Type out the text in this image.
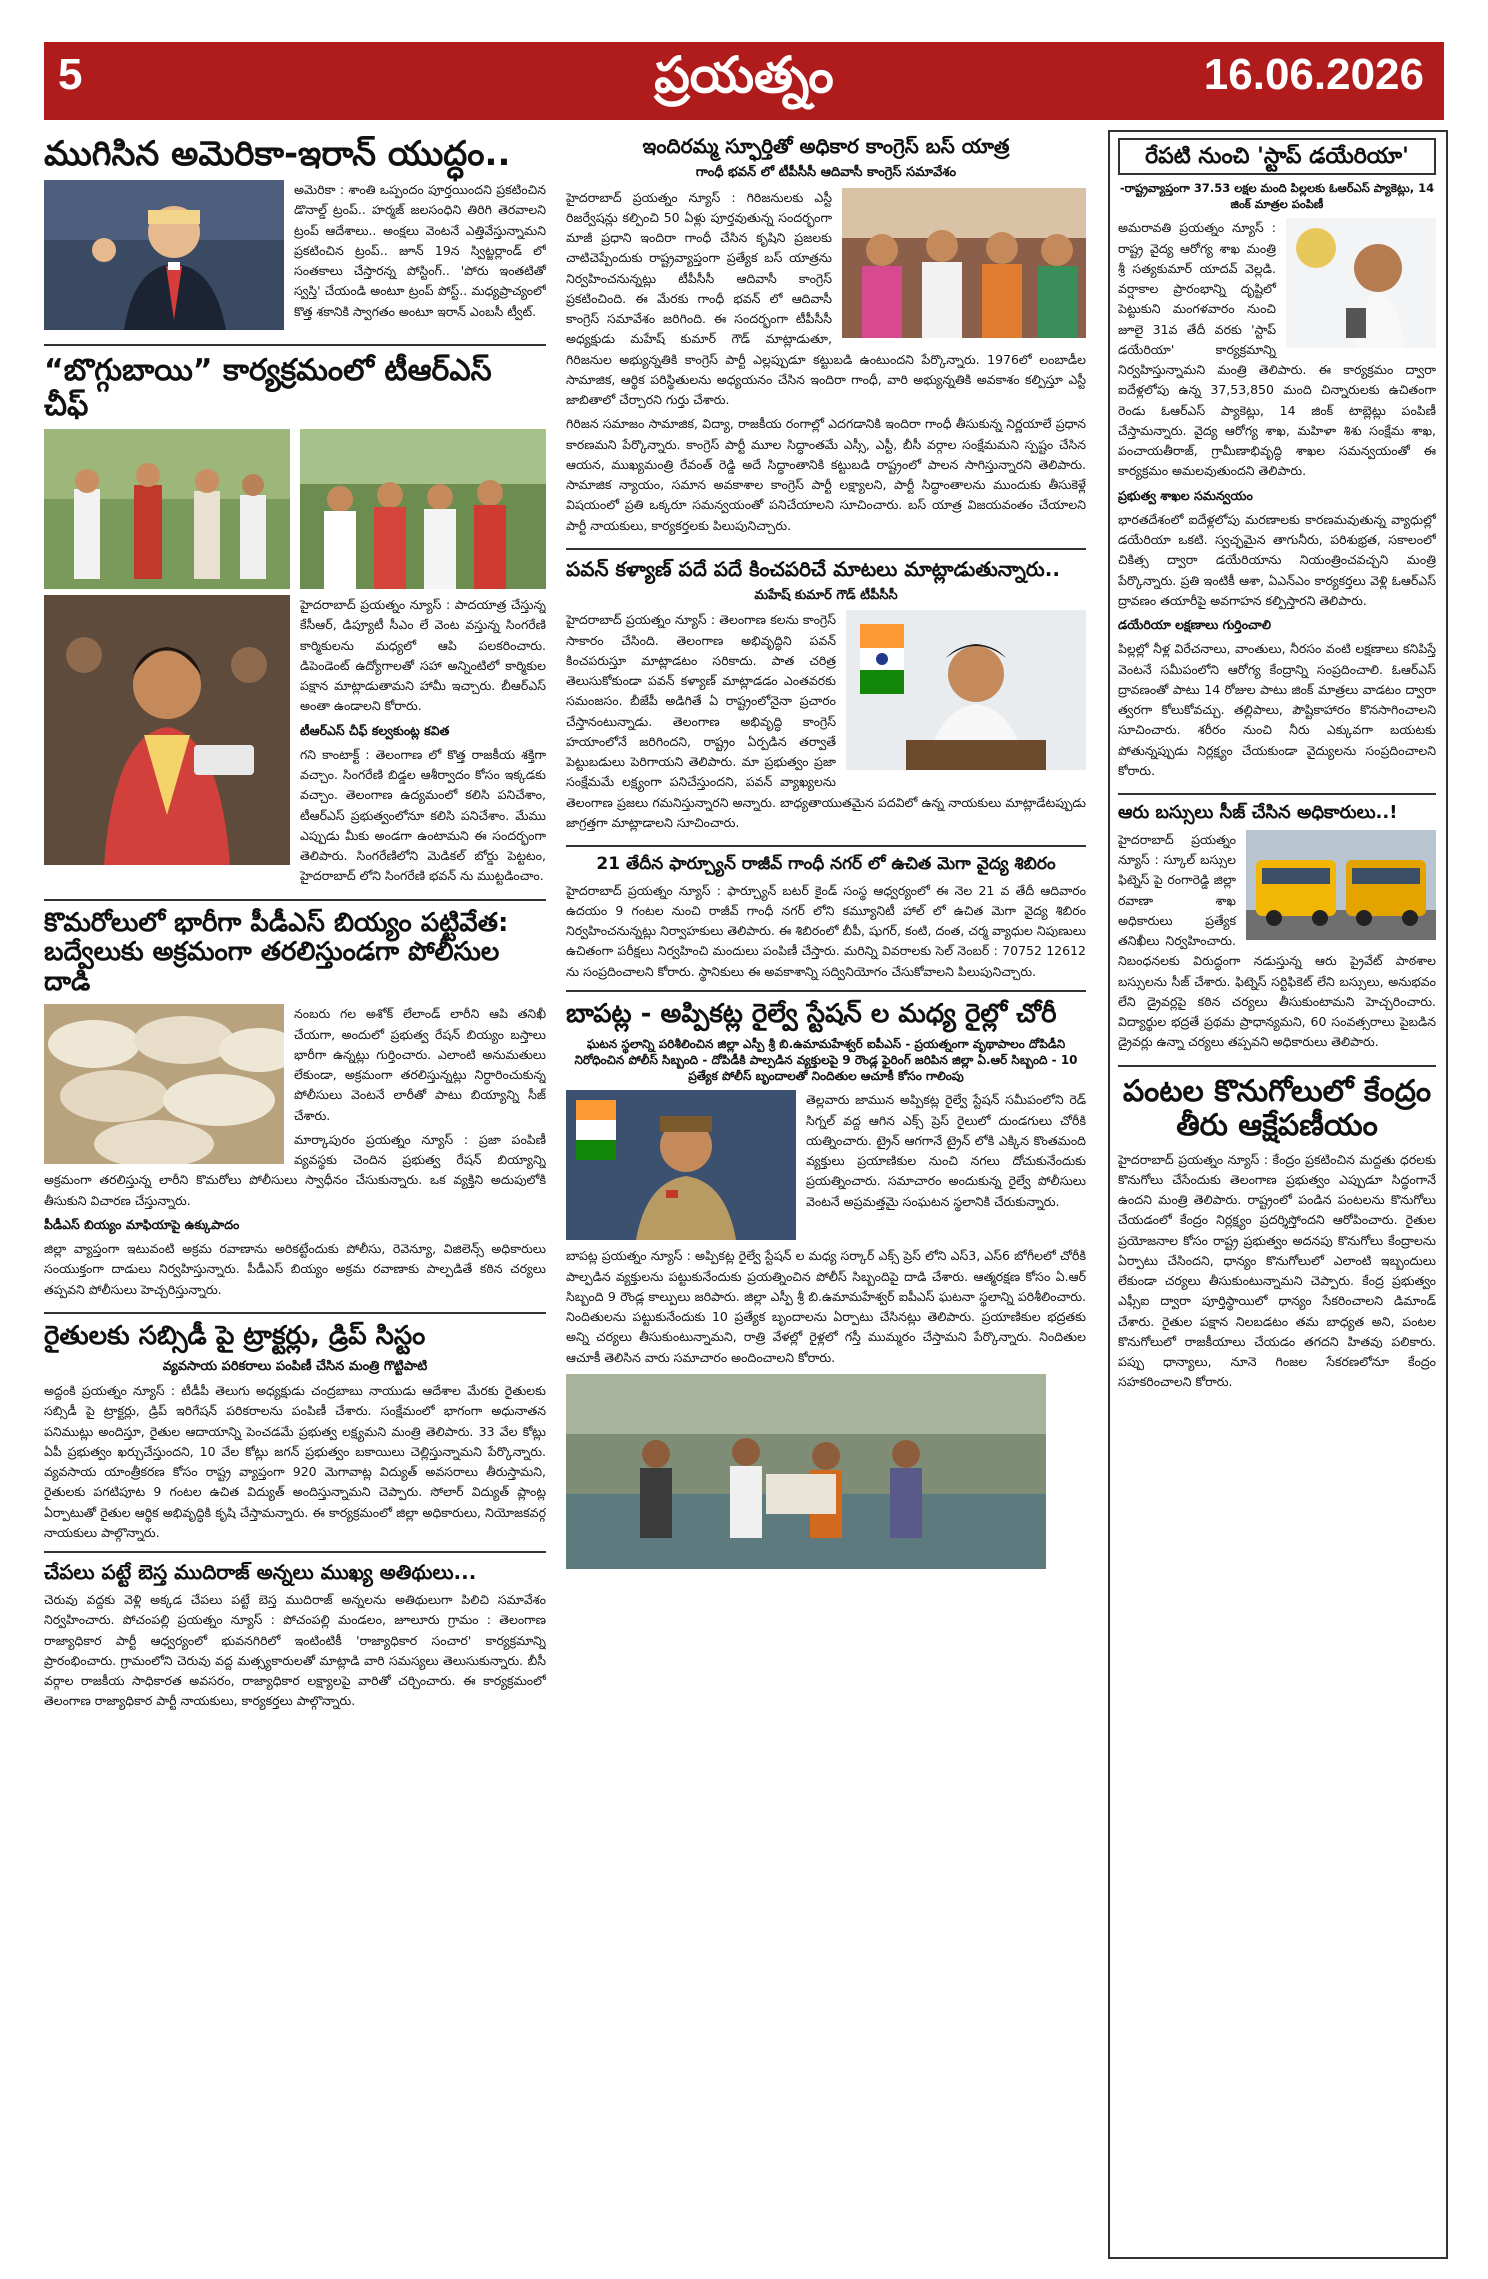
5	ప్రయత్నం	16.06.2026
ముగిసిన అమెరికా-ఇరాన్ యుద్ధం..

అమెరికా : శాంతి ఒప్పందం పూర్తయిందని ప్రకటించిన డొనాల్డ్ ట్రంప్.. హర్మజ్ జలసంధిని తిరిగి తెరవాలని ట్రంప్ ఆదేశాలు.. అంక్షలు వెంటనే ఎత్తివేస్తున్నామని ప్రకటించిన ట్రంప్.. జూన్ 19న స్విట్జర్లాండ్ లో సంతకాలు చేస్తారన్న పోస్టింగ్.. 'పోరు ఇంతటితో స్వస్తి' చేయండి అంటూ ట్రంప్ పోస్ట్.. మధ్యప్రాచ్యంలో కొత్త శకానికి స్వాగతం అంటూ ఇరాన్ ఎంబసీ ట్వీట్.

“బొగ్గుబాయి” కార్యక్రమంలో టీఆర్ఎస్ చీఫ్

హైదరాబాద్ ప్రయత్నం న్యూస్ : పాదయాత్ర చేస్తున్న కేసీఆర్, డిప్యూటీ సీఎం లే వెంట వస్తున్న సింగరేణి కార్మికులను మధ్యలో ఆపి పలకరించారు. డిపెండెంట్ ఉద్యోగాలతో సహా అన్నింటిలో కార్మికుల పక్షాన మాట్లాడుతామని హామీ ఇచ్చారు. బీఆర్ఎస్ అంతా ఉండాలని కోరారు.

టీఆర్ఎస్ చీఫ్ కల్వకుంట్ల కవిత

గని కాంటాక్ట్ : తెలంగాణ లో కొత్త రాజకీయ శక్తిగా వచ్చాం. సింగరేణి బిడ్డల ఆశీర్వాదం కోసం ఇక్కడకు వచ్చాం. తెలంగాణ ఉద్యమంలో కలిసి పనిచేశాం, టీఆర్ఎస్ ప్రభుత్వంలోనూ కలిసి పనిచేశాం. మేము ఎప్పుడు మీకు అండగా ఉంటామని ఈ సందర్భంగా తెలిపారు. సింగరేణిలోని మెడికల్ బోర్డు పెట్టటం, హైదరాబాద్ లోని సింగరేణి భవన్ ను ముట్టడించాం.

కొమరోలులో భారీగా పీడీఎస్ బియ్యం పట్టివేత: బద్వేలుకు అక్రమంగా తరలిస్తుండగా పోలీసుల దాడి

నంబరు గల అశోక్ లేలాండ్ లారీని ఆపి తనిఖీ చేయగా, అందులో ప్రభుత్వ రేషన్ బియ్యం బస్తాలు భారీగా ఉన్నట్లు గుర్తించారు. ఎలాంటి అనుమతులు లేకుండా, అక్రమంగా తరలిస్తున్నట్లు నిర్ధారించుకున్న పోలీసులు వెంటనే లారీతో పాటు బియ్యాన్ని సీజ్ చేశారు.

మార్కాపురం ప్రయత్నం న్యూస్ : ప్రజా పంపిణీ వ్యవస్థకు చెందిన ప్రభుత్వ రేషన్ బియ్యాన్ని అక్రమంగా తరలిస్తున్న లారీని కొమరోలు పోలీసులు స్వాధీనం చేసుకున్నారు. ఒక వ్యక్తిని అదుపులోకి తీసుకుని విచారణ చేస్తున్నారు.

పీడీఎస్ బియ్యం మాఫియాపై ఉక్కుపాదం

జిల్లా వ్యాప్తంగా ఇటువంటి అక్రమ రవాణాను అరికట్టేందుకు పోలీసు, రెవెన్యూ, విజిలెన్స్ అధికారులు సంయుక్తంగా దాడులు నిర్వహిస్తున్నారు. పీడీఎస్ బియ్యం అక్రమ రవాణాకు పాల్పడితే కఠిన చర్యలు తప్పవని పోలీసులు హెచ్చరిస్తున్నారు.

రైతులకు సబ్సిడీ పై ట్రాక్టర్లు, డ్రిప్ సిస్టం
వ్యవసాయ పరికరాలు పంపిణీ చేసిన మంత్రి గొట్టిపాటి

అద్దంకి ప్రయత్నం న్యూస్ : టీడీపీ తెలుగు అధ్యక్షుడు చంద్రబాబు నాయుడు ఆదేశాల మేరకు రైతులకు సబ్సిడీ పై ట్రాక్టర్లు, డ్రిప్ ఇరిగేషన్ పరికరాలను పంపిణీ చేశారు. సంక్షేమంలో భాగంగా అధునాతన పనిముట్లు అందిస్తూ, రైతుల ఆదాయాన్ని పెంచడమే ప్రభుత్వ లక్ష్యమని మంత్రి తెలిపారు. 33 వేల కోట్లు ఏపీ ప్రభుత్వం ఖర్చుచేస్తుందని, 10 వేల కోట్లు జగన్ ప్రభుత్వం బకాయిలు చెల్లిస్తున్నామని పేర్కొన్నారు. వ్యవసాయ యాంత్రీకరణ కోసం రాష్ట్ర వ్యాప్తంగా 920 మెగావాట్ల విద్యుత్ అవసరాలు తీరుస్తామని, రైతులకు పగటిపూట 9 గంటల ఉచిత విద్యుత్ అందిస్తున్నామని చెప్పారు. సోలార్ విద్యుత్ ప్లాంట్ల ఏర్పాటుతో రైతుల ఆర్థిక అభివృద్ధికి కృషి చేస్తామన్నారు. ఈ కార్యక్రమంలో జిల్లా అధికారులు, నియోజకవర్గ నాయకులు పాల్గొన్నారు.

చేపలు పట్టే బెస్త ముదిరాజ్ అన్నలు ముఖ్య అతిథులు...

చెరువు వద్దకు వెళ్లి అక్కడ చేపలు పట్టే బెస్త ముదిరాజ్ అన్నలను అతిథులుగా పిలిచి సమావేశం నిర్వహించారు. పోచంపల్లి ప్రయత్నం న్యూస్ : పోచంపల్లి మండలం, జూలూరు గ్రామం : తెలంగాణ రాజ్యాధికార పార్టీ ఆధ్వర్యంలో భువనగిరిలో ఇంటింటికీ 'రాజ్యాధికార సంచార' కార్యక్రమాన్ని ప్రారంభించారు. గ్రామంలోని చెరువు వద్ద మత్స్యకారులతో మాట్లాడి వారి సమస్యలు తెలుసుకున్నారు. బీసీ వర్గాల రాజకీయ సాధికారత అవసరం, రాజ్యాధికార లక్ష్యాలపై వారితో చర్చించారు. ఈ కార్యక్రమంలో తెలంగాణ రాజ్యాధికార పార్టీ నాయకులు, కార్యకర్తలు పాల్గొన్నారు.

ఇందిరమ్మ స్ఫూర్తితో అధికార కాంగ్రెస్ బస్ యాత్ర
గాంధీ భవన్ లో టీపీసీసీ ఆదివాసీ కాంగ్రెస్ సమావేశం

హైదరాబాద్ ప్రయత్నం న్యూస్ : గిరిజనులకు ఎస్టీ రిజర్వేషన్లు కల్పించి 50 ఏళ్లు పూర్తవుతున్న సందర్భంగా మాజీ ప్రధాని ఇందిరా గాంధీ చేసిన కృషిని ప్రజలకు చాటిచెప్పేందుకు రాష్ట్రవ్యాప్తంగా ప్రత్యేక బస్ యాత్రను నిర్వహించనున్నట్లు టీపీసీసీ ఆదివాసీ కాంగ్రెస్ ప్రకటించింది. ఈ మేరకు గాంధీ భవన్ లో ఆదివాసీ కాంగ్రెస్ సమావేశం జరిగింది. ఈ సందర్భంగా టీపీసీసీ అధ్యక్షుడు మహేష్ కుమార్ గౌడ్ మాట్లాడుతూ, గిరిజనుల అభ్యున్నతికి కాంగ్రెస్ పార్టీ ఎల్లప్పుడూ కట్టుబడి ఉంటుందని పేర్కొన్నారు. 1976లో లంబాడీల సామాజిక, ఆర్థిక పరిస్థితులను అధ్యయనం చేసిన ఇందిరా గాంధీ, వారి అభ్యున్నతికి అవకాశం కల్పిస్తూ ఎస్టీ జాబితాలో చేర్చారని గుర్తు చేశారు.

గిరిజన సమాజం సామాజిక, విద్యా, రాజకీయ రంగాల్లో ఎదగడానికి ఇందిరా గాంధీ తీసుకున్న నిర్ణయాలే ప్రధాన కారణమని పేర్కొన్నారు. కాంగ్రెస్ పార్టీ మూల సిద్ధాంతమే ఎస్సీ, ఎస్టీ, బీసీ వర్గాల సంక్షేమమని స్పష్టం చేసిన ఆయన, ముఖ్యమంత్రి రేవంత్ రెడ్డి అదే సిద్ధాంతానికి కట్టుబడి రాష్ట్రంలో పాలన సాగిస్తున్నారని తెలిపారు. సామాజిక న్యాయం, సమాన అవకాశాల కాంగ్రెస్ పార్టీ లక్ష్యాలని, పార్టీ సిద్ధాంతాలను ముందుకు తీసుకెళ్లే విషయంలో ప్రతి ఒక్కరూ సమన్వయంతో పనిచేయాలని సూచించారు. బస్ యాత్ర విజయవంతం చేయాలని పార్టీ నాయకులు, కార్యకర్తలకు పిలుపునిచ్చారు.

పవన్ కళ్యాణ్ పదే పదే కించపరిచే మాటలు మాట్లాడుతున్నారు..
మహేష్ కుమార్ గౌడ్ టీపీసీసీ

హైదరాబాద్ ప్రయత్నం న్యూస్ : తెలంగాణ కలను కాంగ్రెస్ సాకారం చేసింది. తెలంగాణ అభివృద్ధిని పవన్ కించపరుస్తూ మాట్లాడటం సరికాదు. పాత చరిత్ర తెలుసుకోకుండా పవన్ కళ్యాణ్ మాట్లాడడం ఎంతవరకు సమంజసం. బీజేపీ అడిగితే ఏ రాష్ట్రంలోనైనా ప్రచారం చేస్తానంటున్నాడు. తెలంగాణ అభివృద్ధి కాంగ్రెస్ హయాంలోనే జరిగిందని, రాష్ట్రం ఏర్పడిన తర్వాతే పెట్టుబడులు పెరిగాయని తెలిపారు. మా ప్రభుత్వం ప్రజా సంక్షేమమే లక్ష్యంగా పనిచేస్తుందని, పవన్ వ్యాఖ్యలను తెలంగాణ ప్రజలు గమనిస్తున్నారని అన్నారు. బాధ్యతాయుతమైన పదవిలో ఉన్న నాయకులు మాట్లాడేటప్పుడు జాగ్రత్తగా మాట్లాడాలని సూచించారు.

21 తేదీన ఫార్చ్యూన్ రాజీవ్ గాంధీ నగర్ లో ఉచిత మెగా వైద్య శిబిరం

హైదరాబాద్ ప్రయత్నం న్యూస్ : ఫార్చ్యూన్ బటర్ కైండ్ సంస్థ ఆధ్వర్యంలో ఈ నెల 21 వ తేదీ ఆదివారం ఉదయం 9 గంటల నుంచి రాజీవ్ గాంధీ నగర్ లోని కమ్యూనిటీ హాల్ లో ఉచిత మెగా వైద్య శిబిరం నిర్వహించనున్నట్లు నిర్వాహకులు తెలిపారు. ఈ శిబిరంలో బీపీ, షుగర్, కంటి, దంత, చర్మ వ్యాధుల నిపుణులు ఉచితంగా పరీక్షలు నిర్వహించి మందులు పంపిణీ చేస్తారు. మరిన్ని వివరాలకు సెల్ నెంబర్ : 70752 12612 ను సంప్రదించాలని కోరారు. స్థానికులు ఈ అవకాశాన్ని సద్వినియోగం చేసుకోవాలని పిలుపునిచ్చారు.

బాపట్ల - అప్పికట్ల రైల్వే స్టేషన్ ల మధ్య రైల్లో చోరీ
ఘటన స్థలాన్ని పరిశీలించిన జిల్లా ఎస్పీ శ్రీ బి.ఉమామహేశ్వర్ ఐపీఎస్ - ప్రయత్నంగా వృథాపాలం దోపిడీని నిరోధించిన పోలీస్ సిబ్బంది - దోపిడీకి పాల్పడిన వ్యక్తులపై 9 రౌండ్ల ఫైరింగ్ జరిపిన జిల్లా ఏ.ఆర్ సిబ్బంది - 10 ప్రత్యేక పోలీస్ బృందాలతో నిందితుల ఆచూకీ కోసం గాలింపు

తెల్లవారు జామున అప్పికట్ల రైల్వే స్టేషన్ సమీపంలోని రెడ్ సిగ్నల్ వద్ద ఆగిన ఎక్స్ ప్రెస్ రైలులో దుండగులు చోరీకి యత్నించారు. ట్రైన్ ఆగగానే ట్రైన్ లోకి ఎక్కిన కొంతమంది వ్యక్తులు ప్రయాణికుల నుంచి నగలు దోచుకునేందుకు ప్రయత్నించారు. సమాచారం అందుకున్న రైల్వే పోలీసులు వెంటనే అప్రమత్తమై సంఘటన స్థలానికి చేరుకున్నారు.

బాపట్ల ప్రయత్నం న్యూస్ : అప్పికట్ల రైల్వే స్టేషన్ ల మధ్య సర్కార్ ఎక్స్ ప్రెస్ లోని ఎస్3, ఎస్6 బోగీలలో చోరీకి పాల్పడిన వ్యక్తులను పట్టుకునేందుకు ప్రయత్నించిన పోలీస్ సిబ్బందిపై దాడి చేశారు. ఆత్మరక్షణ కోసం ఏ.ఆర్ సిబ్బంది 9 రౌండ్ల కాల్పులు జరిపారు. జిల్లా ఎస్పీ శ్రీ బి.ఉమామహేశ్వర్ ఐపీఎస్ ఘటనా స్థలాన్ని పరిశీలించారు. నిందితులను పట్టుకునేందుకు 10 ప్రత్యేక బృందాలను ఏర్పాటు చేసినట్లు తెలిపారు. ప్రయాణికుల భద్రతకు అన్ని చర్యలు తీసుకుంటున్నామని, రాత్రి వేళల్లో రైళ్లలో గస్తీ ముమ్మరం చేస్తామని పేర్కొన్నారు. నిందితుల ఆచూకీ తెలిసిన వారు సమాచారం అందించాలని కోరారు.

రేపటి నుంచి 'స్టాప్ డయేరియా'
-రాష్ట్రవ్యాప్తంగా 37.53 లక్షల మంది పిల్లలకు ఓఆర్ఎస్ ప్యాకెట్లు, 14 జింక్ మాత్రల పంపిణీ

అమరావతి ప్రయత్నం న్యూస్ : రాష్ట్ర వైద్య ఆరోగ్య శాఖ మంత్రి శ్రీ సత్యకుమార్ యాదవ్ వెల్లడి. వర్షాకాల ప్రారంభాన్ని దృష్టిలో పెట్టుకుని మంగళవారం నుంచి జూలై 31వ తేదీ వరకు 'స్టాప్ డయేరియా' కార్యక్రమాన్ని నిర్వహిస్తున్నామని మంత్రి తెలిపారు. ఈ కార్యక్రమం ద్వారా ఐదేళ్లలోపు ఉన్న 37,53,850 మంది చిన్నారులకు ఉచితంగా రెండు ఓఆర్ఎస్ ప్యాకెట్లు, 14 జింక్ టాబ్లెట్లు పంపిణీ చేస్తామన్నారు. వైద్య ఆరోగ్య శాఖ, మహిళా శిశు సంక్షేమ శాఖ, పంచాయతీరాజ్, గ్రామీణాభివృద్ధి శాఖల సమన్వయంతో ఈ కార్యక్రమం అమలవుతుందని తెలిపారు.

ప్రభుత్వ శాఖల సమన్వయం

భారతదేశంలో ఐదేళ్లలోపు మరణాలకు కారణమవుతున్న వ్యాధుల్లో డయేరియా ఒకటి. స్వచ్ఛమైన తాగునీరు, పరిశుభ్రత, సకాలంలో చికిత్స ద్వారా డయేరియాను నియంత్రించవచ్చని మంత్రి పేర్కొన్నారు. ప్రతి ఇంటికీ ఆశా, ఏఎన్ఎం కార్యకర్తలు వెళ్లి ఓఆర్ఎస్ ద్రావణం తయారీపై అవగాహన కల్పిస్తారని తెలిపారు.

డయేరియా లక్షణాలు గుర్తించాలి

పిల్లల్లో నీళ్ల విరేచనాలు, వాంతులు, నీరసం వంటి లక్షణాలు కనిపిస్తే వెంటనే సమీపంలోని ఆరోగ్య కేంద్రాన్ని సంప్రదించాలి. ఓఆర్ఎస్ ద్రావణంతో పాటు 14 రోజుల పాటు జింక్ మాత్రలు వాడటం ద్వారా త్వరగా కోలుకోవచ్చు. తల్లిపాలు, పౌష్టికాహారం కొనసాగించాలని సూచించారు. శరీరం నుంచి నీరు ఎక్కువగా బయటకు పోతున్నప్పుడు నిర్లక్ష్యం చేయకుండా వైద్యులను సంప్రదించాలని కోరారు.

ఆరు బస్సులు సీజ్ చేసిన అధికారులు..!

హైదరాబాద్ ప్రయత్నం న్యూస్ : స్కూల్ బస్సుల ఫిట్నెస్ పై రంగారెడ్డి జిల్లా రవాణా శాఖ అధికారులు ప్రత్యేక తనిఖీలు నిర్వహించారు. నిబంధనలకు విరుద్ధంగా నడుస్తున్న ఆరు ప్రైవేట్ పాఠశాల బస్సులను సీజ్ చేశారు. ఫిట్నెస్ సర్టిఫికెట్ లేని బస్సులు, అనుభవం లేని డ్రైవర్లపై కఠిన చర్యలు తీసుకుంటామని హెచ్చరించారు. విద్యార్థుల భద్రతే ప్రథమ ప్రాధాన్యమని, 60 సంవత్సరాలు పైబడిన డ్రైవర్లు ఉన్నా చర్యలు తప్పవని అధికారులు తెలిపారు.

పంటల కొనుగోలులో కేంద్రం తీరు ఆక్షేపణీయం

హైదరాబాద్ ప్రయత్నం న్యూస్ : కేంద్రం ప్రకటించిన మద్దతు ధరలకు కొనుగోలు చేసేందుకు తెలంగాణ ప్రభుత్వం ఎప్పుడూ సిద్ధంగానే ఉందని మంత్రి తెలిపారు. రాష్ట్రంలో పండిన పంటలను కొనుగోలు చేయడంలో కేంద్రం నిర్లక్ష్యం ప్రదర్శిస్తోందని ఆరోపించారు. రైతుల ప్రయోజనాల కోసం రాష్ట్ర ప్రభుత్వం అదనపు కొనుగోలు కేంద్రాలను ఏర్పాటు చేసిందని, ధాన్యం కొనుగోలులో ఎలాంటి ఇబ్బందులు లేకుండా చర్యలు తీసుకుంటున్నామని చెప్పారు. కేంద్ర ప్రభుత్వం ఎఫ్సీఐ ద్వారా పూర్తిస్థాయిలో ధాన్యం సేకరించాలని డిమాండ్ చేశారు. రైతుల పక్షాన నిలబడటం తమ బాధ్యత అని, పంటల కొనుగోలులో రాజకీయాలు చేయడం తగదని హితవు పలికారు. పప్పు ధాన్యాలు, నూనె గింజల సేకరణలోనూ కేంద్రం సహకరించాలని కోరారు.
